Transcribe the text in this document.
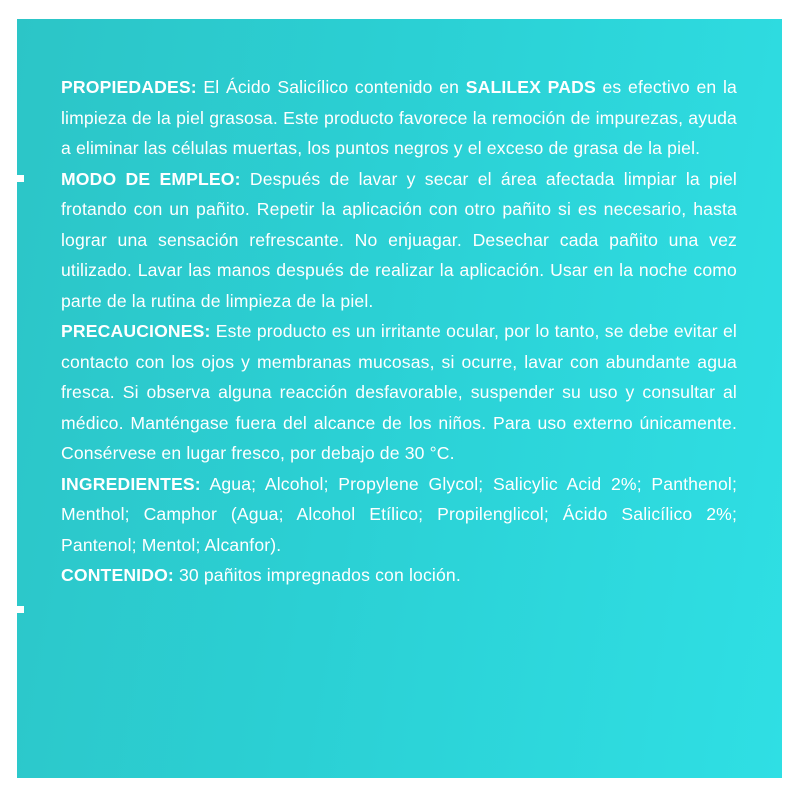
PROPIEDADES: El Ácido Salicílico contenido en SALILEX PADS es efectivo en la limpieza de la piel grasosa. Este producto favorece la remoción de impurezas, ayuda a eliminar las células muertas, los puntos negros y el exceso de grasa de la piel.

MODO DE EMPLEO: Después de lavar y secar el área afectada limpiar la piel frotando con un pañito. Repetir la aplicación con otro pañito si es necesario, hasta lograr una sensación refrescante. No enjuagar. Desechar cada pañito una vez utilizado. Lavar las manos después de realizar la aplicación. Usar en la noche como parte de la rutina de limpieza de la piel.

PRECAUCIONES: Este producto es un irritante ocular, por lo tanto, se debe evitar el contacto con los ojos y membranas mucosas, si ocurre, lavar con abundante agua fresca. Si observa alguna reacción desfavorable, suspender su uso y consultar al médico. Manténgase fuera del alcance de los niños. Para uso externo únicamente. Consérvese en lugar fresco, por debajo de 30 °C.

INGREDIENTES: Agua; Alcohol; Propylene Glycol; Salicylic Acid 2%; Panthenol; Menthol; Camphor (Agua; Alcohol Etílico; Propilenglicol; Ácido Salicílico 2%; Pantenol; Mentol; Alcanfor).

CONTENIDO: 30 pañitos impregnados con loción.
